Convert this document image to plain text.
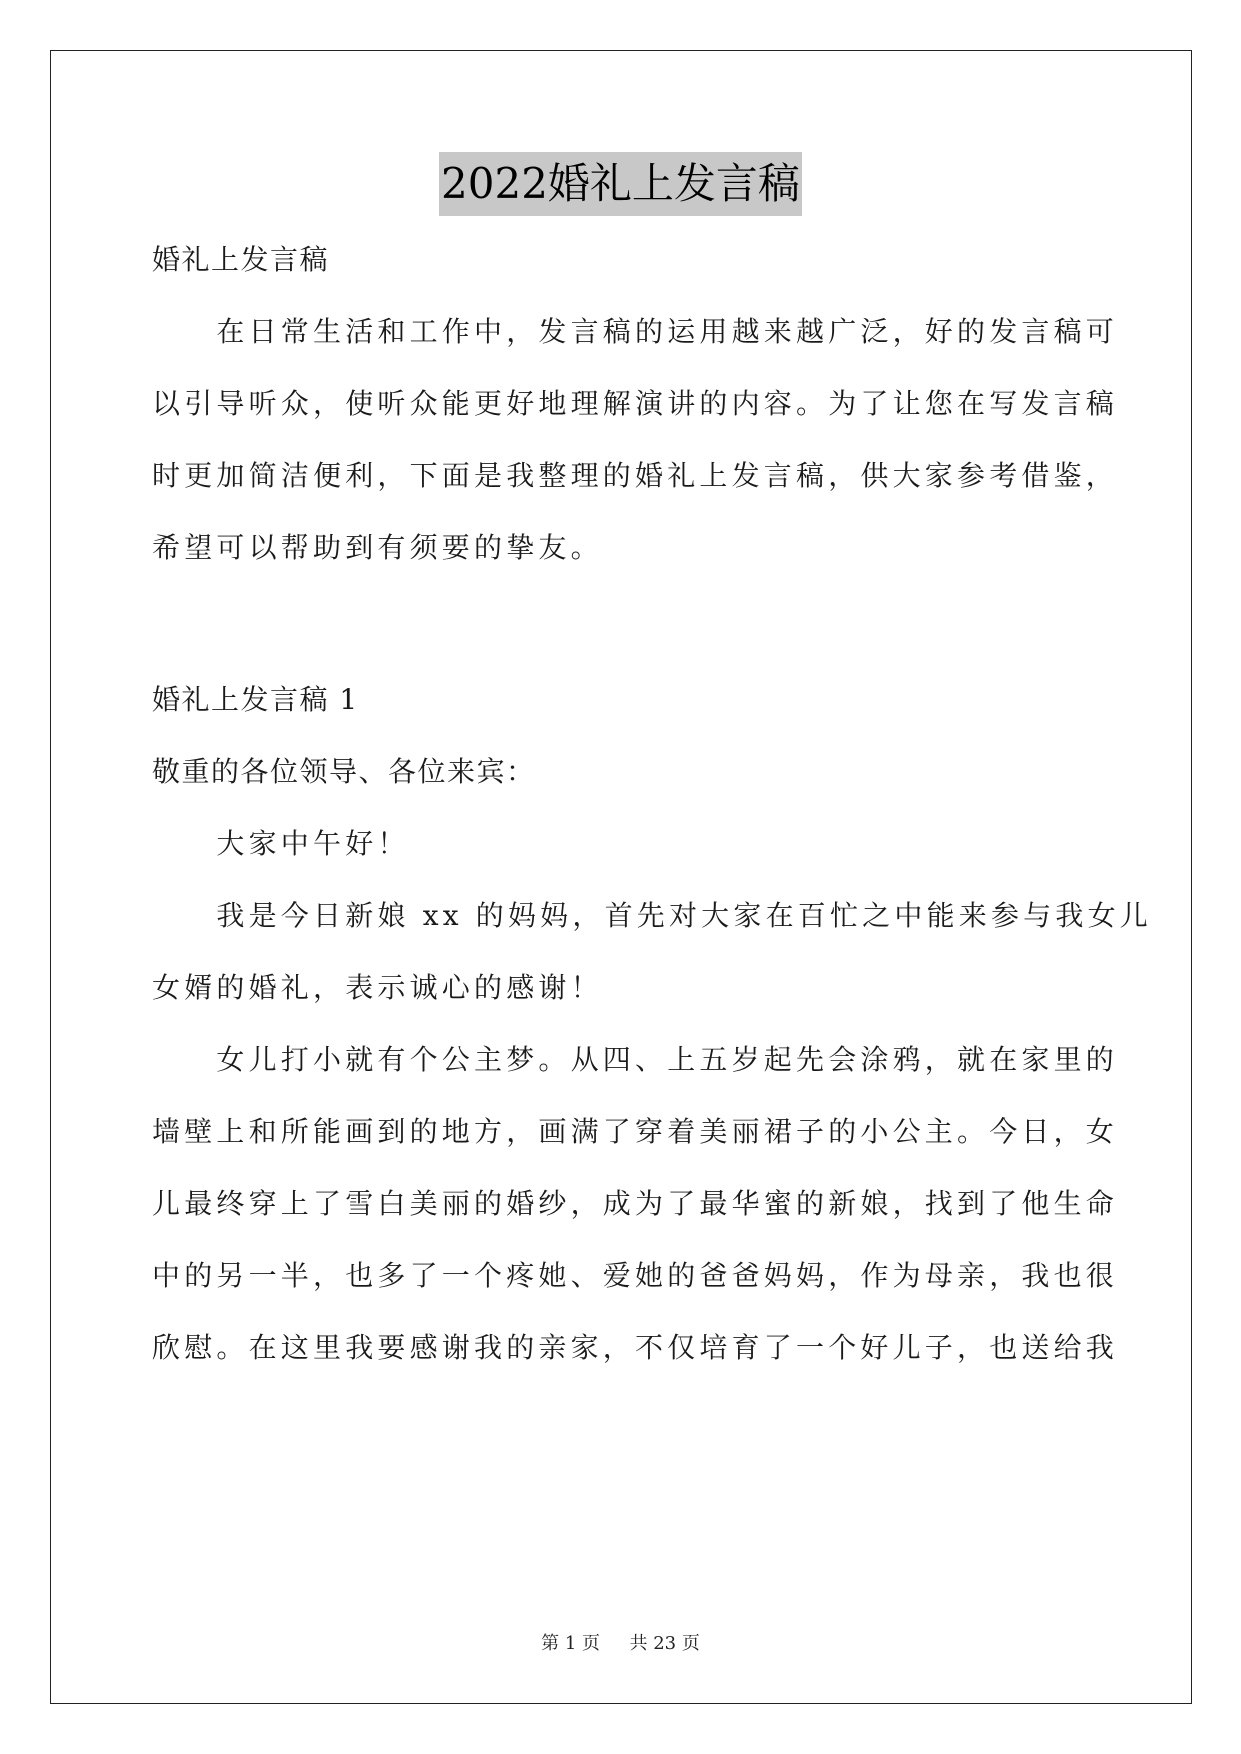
2022婚礼上发言稿
婚礼上发言稿
　　在日常生活和工作中，发言稿的运用越来越广泛，好的发言稿可
以引导听众，使听众能更好地理解演讲的内容。为了让您在写发言稿
时更加简洁便利，下面是我整理的婚礼上发言稿，供大家参考借鉴，
希望可以帮助到有须要的挚友。
婚礼上发言稿 1
敬重的各位领导、各位来宾：
　　大家中午好！
　　我是今日新娘 xx 的妈妈，首先对大家在百忙之中能来参与我女儿
女婿的婚礼，表示诚心的感谢！
　　女儿打小就有个公主梦。从四、上五岁起先会涂鸦，就在家里的
墙壁上和所能画到的地方，画满了穿着美丽裙子的小公主。今日，女
儿最终穿上了雪白美丽的婚纱，成为了最华蜜的新娘，找到了他生命
中的另一半，也多了一个疼她、爱她的爸爸妈妈，作为母亲，我也很
欣慰。在这里我要感谢我的亲家，不仅培育了一个好儿子，也送给我
第 1 页 共 23 页
